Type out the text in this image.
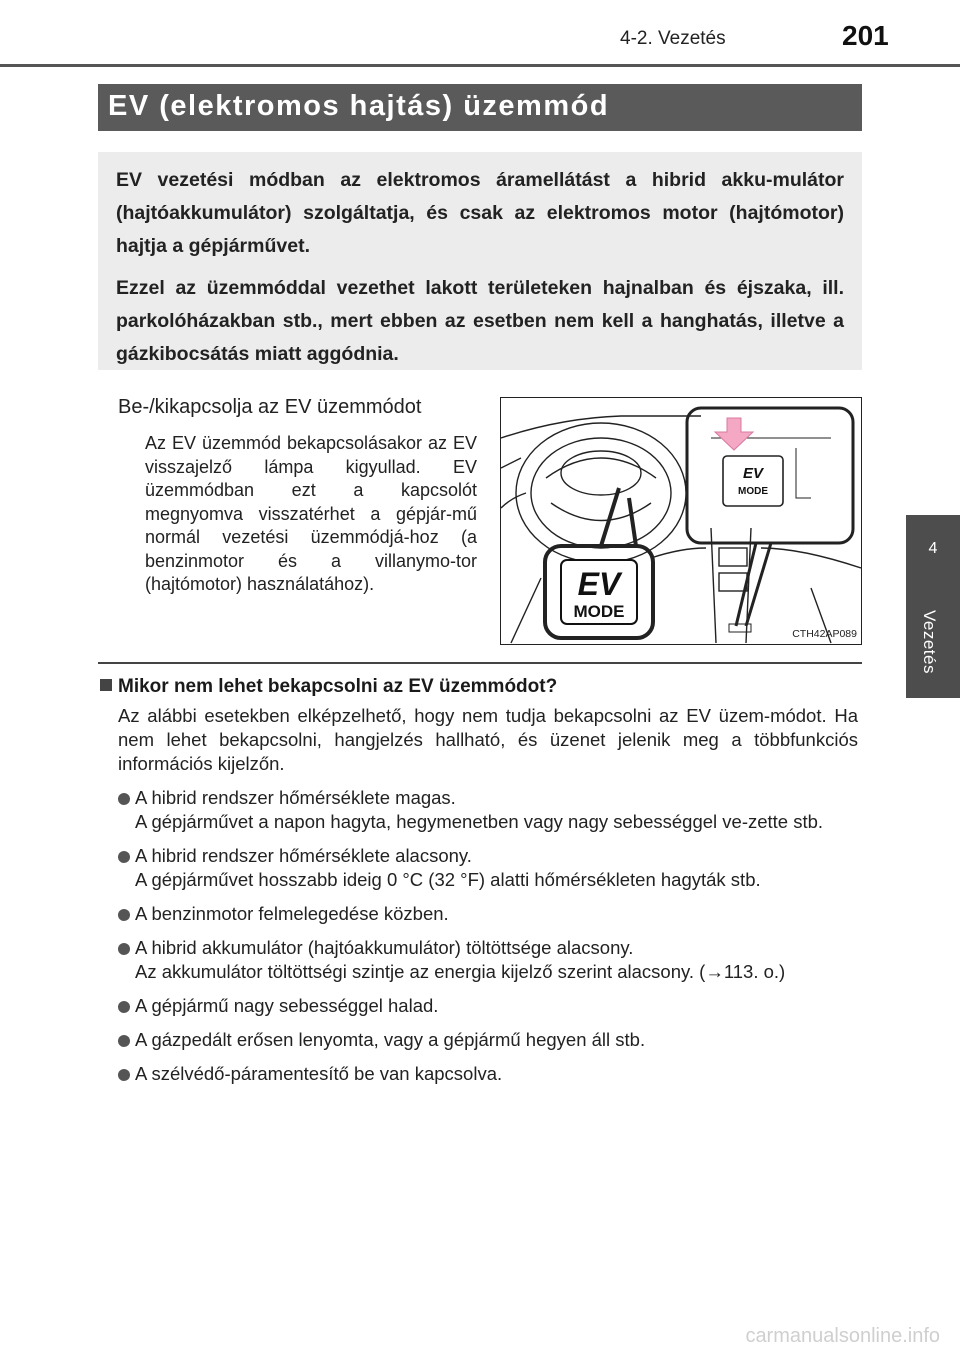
4-2. Vezetés	201
4
Vezetés
EV (elektromos hajtás) üzemmód

EV vezetési módban az elektromos áramellátást a hibrid akku-mulátor (hajtóakkumulátor) szolgáltatja, és csak az elektromos motor (hajtómotor) hajtja a gépjárművet.

Ezzel az üzemmóddal vezethet lakott területeken hajnalban és éjszaka, ill. parkolóházakban stb., mert ebben az esetben nem kell a hanghatás, illetve a gázkibocsátás miatt aggódnia.

Be-/kikapcsolja az EV üzemmódot
Az EV üzemmód bekapcsolásakor az EV visszajelző lámpa kigyullad. EV üzemmódban ezt a kapcsolót megnyomva visszatérhet a gépjár-mű normál vezetési üzemmódjá-hoz (a benzinmotor és a villanymo-tor (hajtómotor) használatához).
EV
MODE
EV
MODE
CTH42AP089
Mikor nem lehet bekapcsolni az EV üzemmódot?

Az alábbi esetekben elképzelhető, hogy nem tudja bekapcsolni az EV üzem-módot. Ha nem lehet bekapcsolni, hangjelzés hallható, és üzenet jelenik meg a többfunkciós információs kijelzőn.

A hibrid rendszer hőmérséklete magas.
A gépjárművet a napon hagyta, hegymenetben vagy nagy sebességgel ve-zette stb.
A hibrid rendszer hőmérséklete alacsony.
A gépjárművet hosszabb ideig 0 °C (32 °F) alatti hőmérsékleten hagyták stb.
A benzinmotor felmelegedése közben.
A hibrid akkumulátor (hajtóakkumulátor) töltöttsége alacsony.
Az akkumulátor töltöttségi szintje az energia kijelző szerint alacsony. (→113. o.)
A gépjármű nagy sebességgel halad.
A gázpedált erősen lenyomta, vagy a gépjármű hegyen áll stb.
A szélvédő-páramentesítő be van kapcsolva.
carmanualsonline.info
